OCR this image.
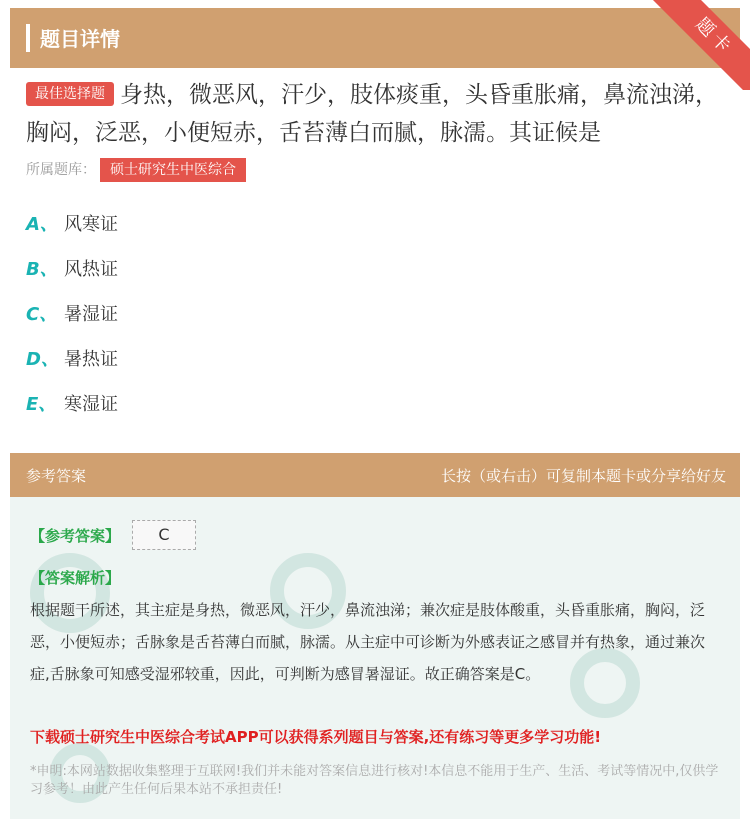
题目详情	题卡
最佳选择题 身热，微恶风，汗少，肢体痰重，头昏重胀痛，鼻流浊涕，胸闷，泛恶，小便短赤，舌苔薄白而腻，脉濡。其证候是
所属题库： 硕士研究生中医综合
A、 风寒证
B、 风热证
C、 暑湿证
D、 暑热证
E、 寒湿证
参考答案	长按（或右击）可复制本题卡或分享给好友
【参考答案】	C
【答案解析】
根据题干所述，其主症是身热，微恶风，汗少，鼻流浊涕；兼次症是肢体酸重，头昏重胀痛，胸闷，泛恶，小便短赤；舌脉象是舌苔薄白而腻，脉濡。从主症中可诊断为外感表证之感冒并有热象，通过兼次症,舌脉象可知感受湿邪较重，因此，可判断为感冒暑湿证。故正确答案是C。
下载硕士研究生中医综合考试APP可以获得系列题目与答案,还有练习等更多学习功能!
*申明:本网站数据收集整理于互联网!我们并未能对答案信息进行核对!本信息不能用于生产、生活、考试等情况中,仅供学习参考！由此产生任何后果本站不承担责任!
